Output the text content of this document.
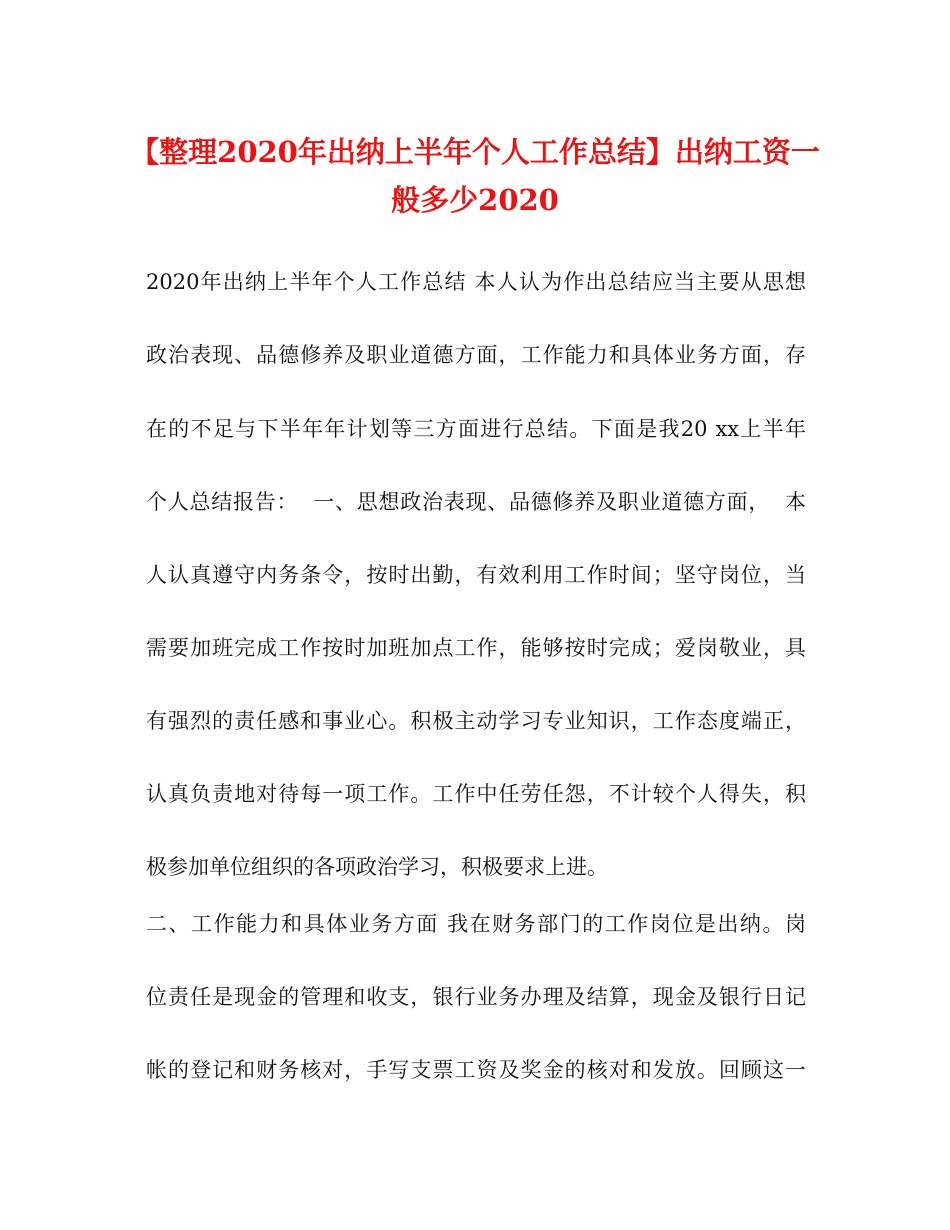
【整理2020年出纳上半年个人工作总结】出纳工资一
般多少2020
2020年出纳上半年个人工作总结 本人认为作出总结应当主要从思想
政治表现、品德修养及职业道德方面，工作能力和具体业务方面，存
在的不足与下半年年计划等三方面进行总结。下面是我20 xx上半年
个人总结报告：  一、思想政治表现、品德修养及职业道德方面，  本
人认真遵守内务条令，按时出勤，有效利用工作时间；坚守岗位，当
需要加班完成工作按时加班加点工作，能够按时完成；爱岗敬业，具
有强烈的责任感和事业心。积极主动学习专业知识，工作态度端正，
认真负责地对待每一项工作。工作中任劳任怨，不计较个人得失，积
极参加单位组织的各项政治学习，积极要求上进。
二、工作能力和具体业务方面 我在财务部门的工作岗位是出纳。岗
位责任是现金的管理和收支，银行业务办理及结算，现金及银行日记
帐的登记和财务核对，手写支票工资及奖金的核对和发放。回顾这一
